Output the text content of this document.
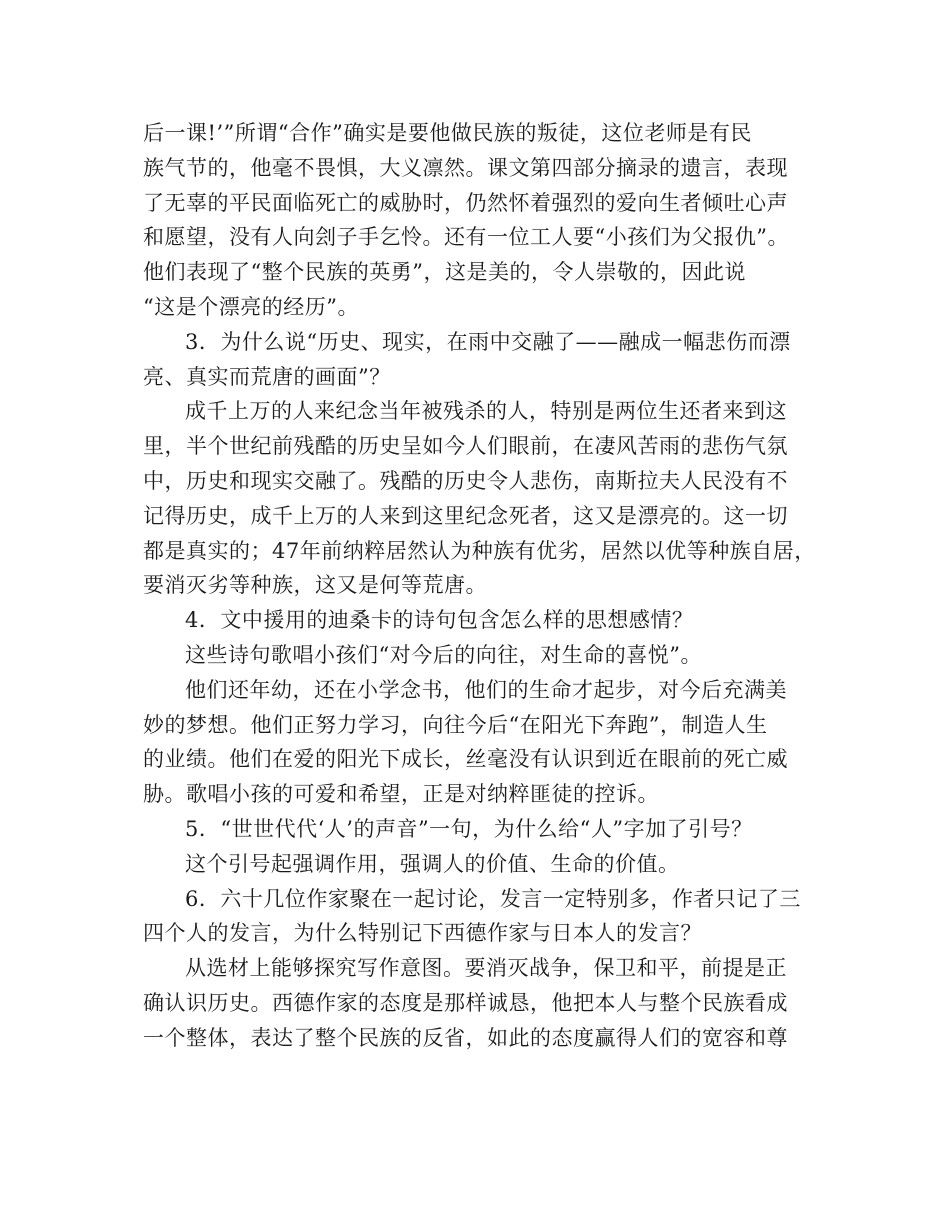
后一课!’”所谓“合作”确实是要他做民族的叛徒，这位老师是有民
族气节的，他毫不畏惧，大义凛然。课文第四部分摘录的遗言，表现
了无辜的平民面临死亡的威胁时，仍然怀着强烈的爱向生者倾吐心声
和愿望，没有人向刽子手乞怜。还有一位工人要“小孩们为父报仇”。
他们表现了“整个民族的英勇”，这是美的，令人崇敬的，因此说
“这是个漂亮的经历”。
3．为什么说“历史、现实，在雨中交融了——融成一幅悲伤而漂
亮、真实而荒唐的画面”？
成千上万的人来纪念当年被残杀的人，特别是两位生还者来到这
里，半个世纪前残酷的历史呈如今人们眼前，在凄风苦雨的悲伤气氛
中，历史和现实交融了。残酷的历史令人悲伤，南斯拉夫人民没有不
记得历史，成千上万的人来到这里纪念死者，这又是漂亮的。这一切
都是真实的；47年前纳粹居然认为种族有优劣，居然以优等种族自居，
要消灭劣等种族，这又是何等荒唐。
4．文中援用的迪桑卡的诗句包含怎么样的思想感情？
这些诗句歌唱小孩们“对今后的向往，对生命的喜悦”。
他们还年幼，还在小学念书，他们的生命才起步，对今后充满美
妙的梦想。他们正努力学习，向往今后“在阳光下奔跑”，制造人生
的业绩。他们在爱的阳光下成长，丝毫没有认识到近在眼前的死亡威
胁。歌唱小孩的可爱和希望，正是对纳粹匪徒的控诉。
5．“世世代代‘人’的声音”一句，为什么给“人”字加了引号？
这个引号起强调作用，强调人的价值、生命的价值。
6．六十几位作家聚在一起讨论，发言一定特别多，作者只记了三
四个人的发言，为什么特别记下西德作家与日本人的发言？
从选材上能够探究写作意图。要消灭战争，保卫和平，前提是正
确认识历史。西德作家的态度是那样诚恳，他把本人与整个民族看成
一个整体，表达了整个民族的反省，如此的态度赢得人们的宽容和尊
